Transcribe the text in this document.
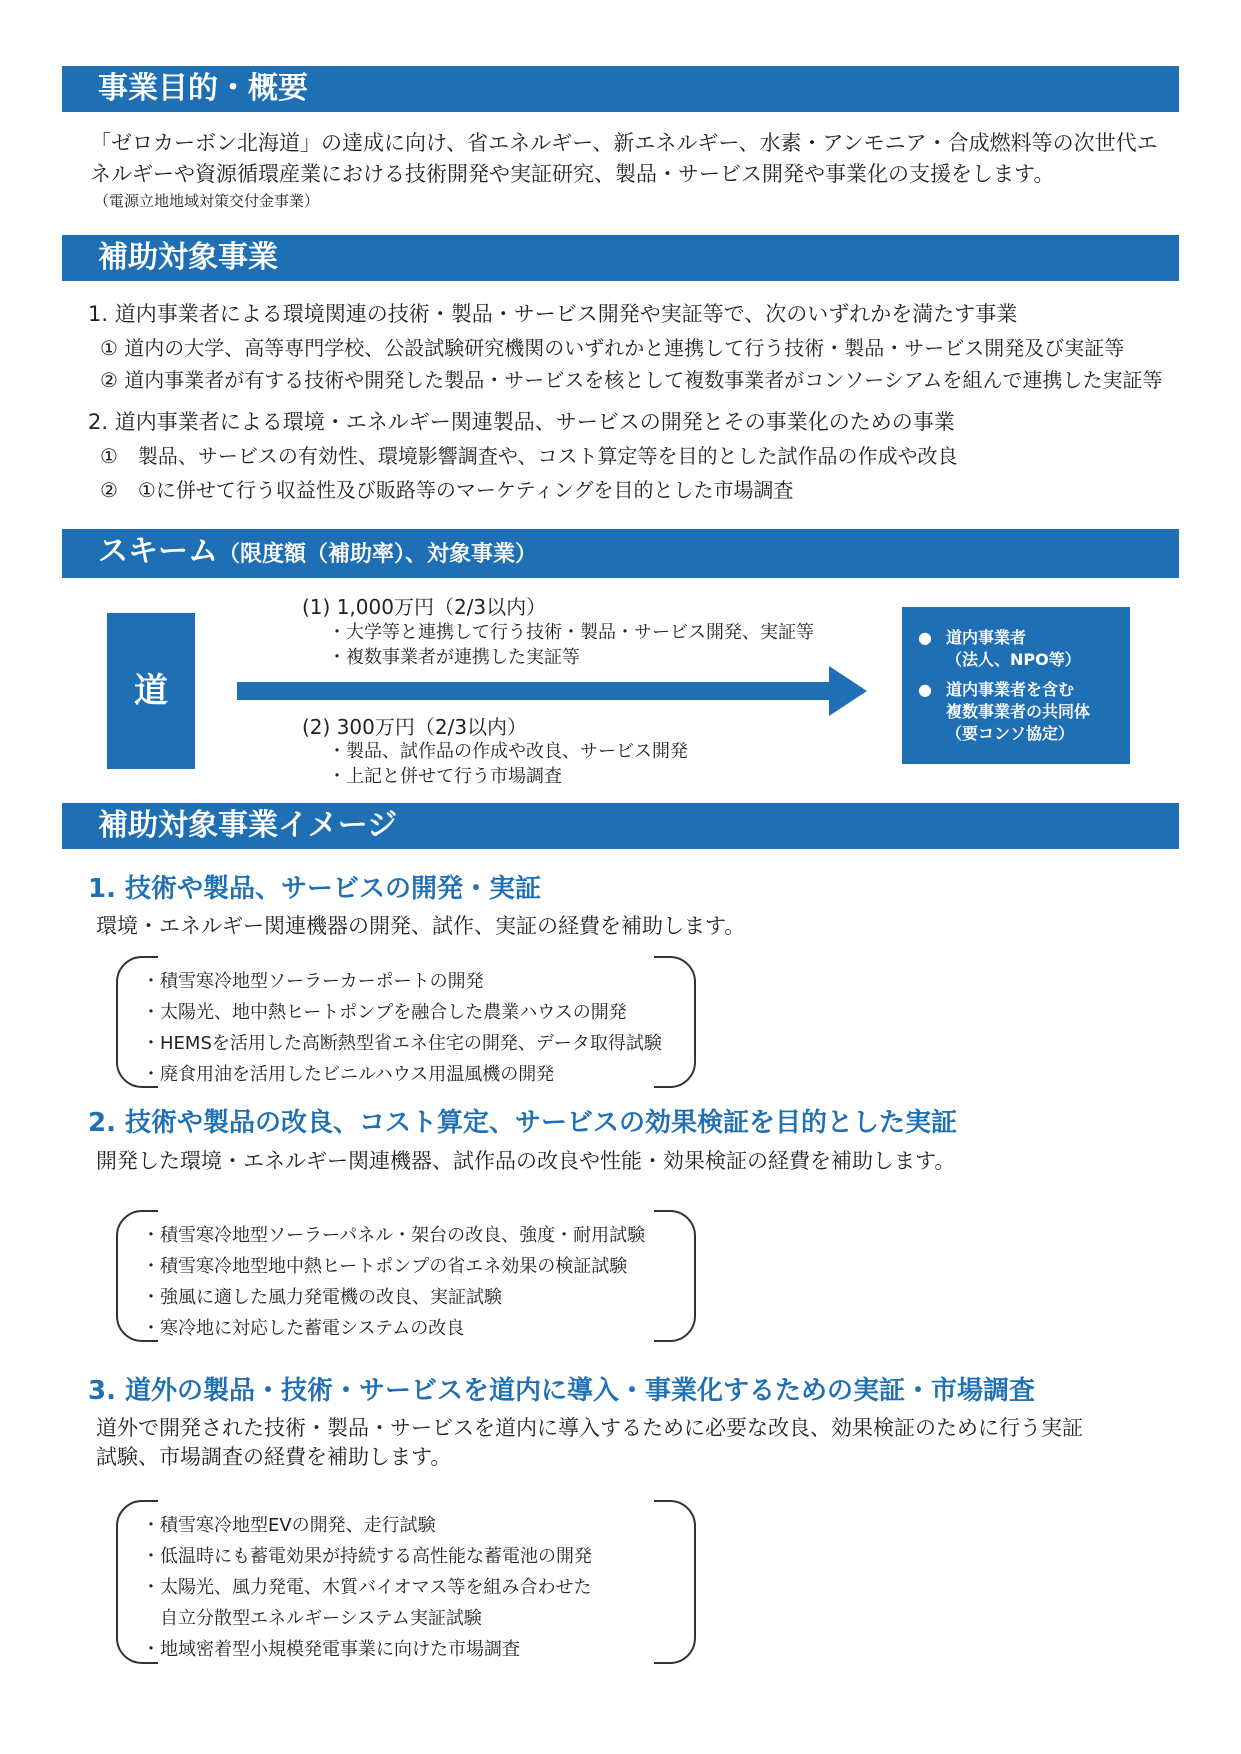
事業目的・概要
「ゼロカーボン北海道」の達成に向け、省エネルギー、新エネルギー、水素・アンモニア・合成燃料等の次世代エ
ネルギーや資源循環産業における技術開発や実証研究、製品・サービス開発や事業化の支援をします。
（電源立地地域対策交付金事業）
補助対象事業
1. 道内事業者による環境関連の技術・製品・サービス開発や実証等で、次のいずれかを満たす事業
① 道内の大学、高等専門学校、公設試験研究機関のいずれかと連携して行う技術・製品・サービス開発及び実証等
② 道内事業者が有する技術や開発した製品・サービスを核として複数事業者がコンソーシアムを組んで連携した実証等
2. 道内事業者による環境・エネルギー関連製品、サービスの開発とその事業化のための事業
①　製品、サービスの有効性、環境影響調査や、コスト算定等を目的とした試作品の作成や改良
②　①に併せて行う収益性及び販路等のマーケティングを目的とした市場調査
スキーム（限度額（補助率）、対象事業）
道
(1) 1,000万円（2/3以内）
・大学等と連携して行う技術・製品・サービス開発、実証等
・複数事業者が連携した実証等
(2) 300万円（2/3以内）
・製品、試作品の作成や改良、サービス開発
・上記と併せて行う市場調査
● 道内事業者
（法人、NPO等）
● 道内事業者を含む
複数事業者の共同体
（要コンソ協定）
補助対象事業イメージ
1. 技術や製品、サービスの開発・実証
環境・エネルギー関連機器の開発、試作、実証の経費を補助します。
・積雪寒冷地型ソーラーカーポートの開発
・太陽光、地中熱ヒートポンプを融合した農業ハウスの開発
・HEMSを活用した高断熱型省エネ住宅の開発、データ取得試験
・廃食用油を活用したビニルハウス用温風機の開発
2. 技術や製品の改良、コスト算定、サービスの効果検証を目的とした実証
開発した環境・エネルギー関連機器、試作品の改良や性能・効果検証の経費を補助します。
・積雪寒冷地型ソーラーパネル・架台の改良、強度・耐用試験
・積雪寒冷地型地中熱ヒートポンプの省エネ効果の検証試験
・強風に適した風力発電機の改良、実証試験
・寒冷地に対応した蓄電システムの改良
3. 道外の製品・技術・サービスを道内に導入・事業化するための実証・市場調査
道外で開発された技術・製品・サービスを道内に導入するために必要な改良、効果検証のために行う実証
試験、市場調査の経費を補助します。
・積雪寒冷地型EVの開発、走行試験
・低温時にも蓄電効果が持続する高性能な蓄電池の開発
・太陽光、風力発電、木質バイオマス等を組み合わせた
　自立分散型エネルギーシステム実証試験
・地域密着型小規模発電事業に向けた市場調査
